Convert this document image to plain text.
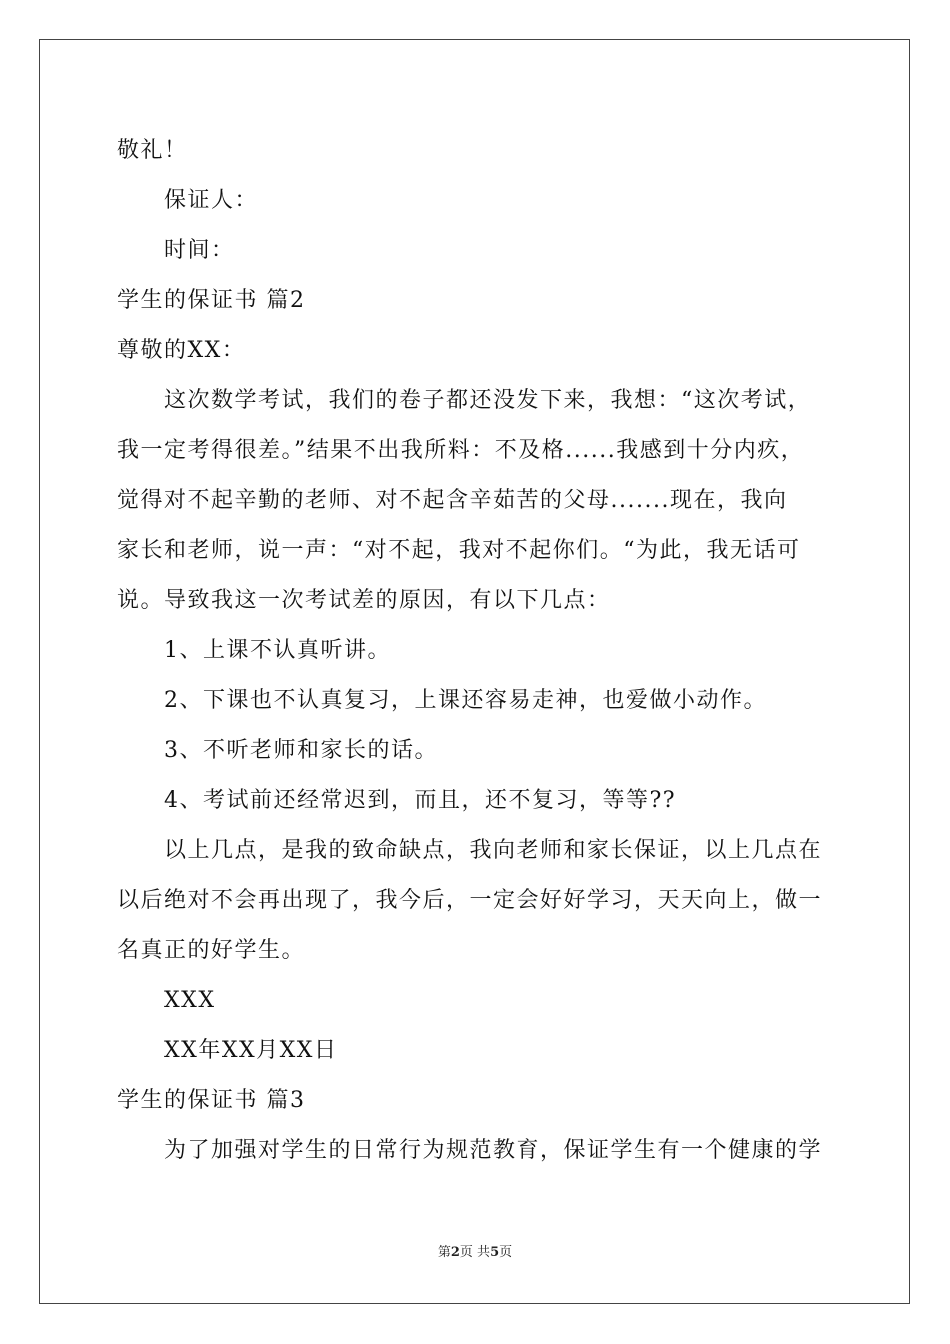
敬礼！
保证人：
时间：
学生的保证书 篇2
尊敬的XX：
这次数学考试，我们的卷子都还没发下来，我想：“这次考试，
我一定考得很差。”结果不出我所料：不及格......我感到十分内疚，
觉得对不起辛勤的老师、对不起含辛茹苦的父母.......现在，我向
家长和老师，说一声：“对不起，我对不起你们。“为此，我无话可
说。导致我这一次考试差的原因，有以下几点：
1、上课不认真听讲。
2、下课也不认真复习，上课还容易走神，也爱做小动作。
3、不听老师和家长的话。
4、考试前还经常迟到，而且，还不复习，等等??
以上几点，是我的致命缺点，我向老师和家长保证，以上几点在
以后绝对不会再出现了，我今后，一定会好好学习，天天向上，做一
名真正的好学生。
XXX
XX年XX月XX日
学生的保证书 篇3
为了加强对学生的日常行为规范教育，保证学生有一个健康的学
第2页 共5页
